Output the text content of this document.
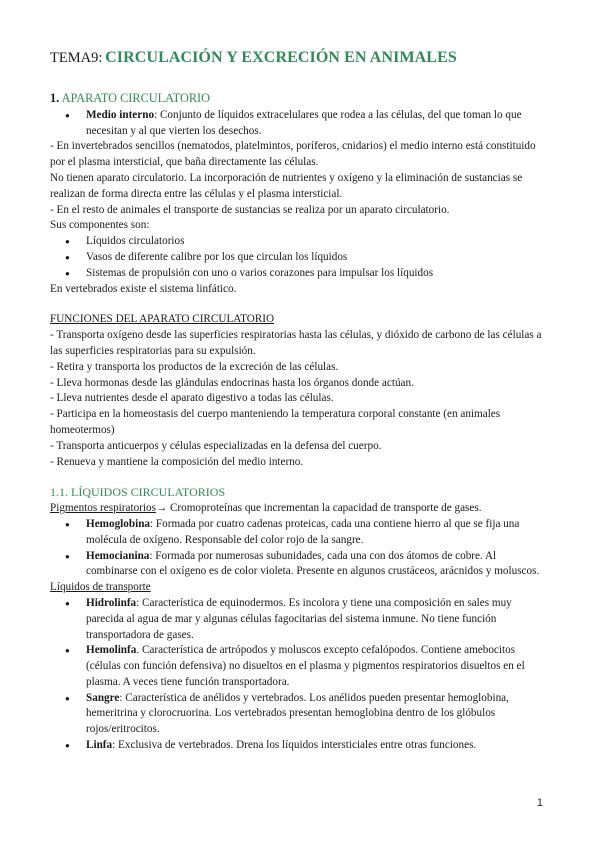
TEMA9: CIRCULACIÓN Y EXCRECIÓN EN ANIMALES
1. APARATO CIRCULATORIO
● Medio interno: Conjunto de líquidos extracelulares que rodea a las células, del que toman lo que necesitan y al que vierten los desechos.

- En invertebrados sencillos (nematodos, platelmintos, poríferos, cnidarios) el medio interno está constituido por el plasma intersticial, que baña directamente las células.

No tienen aparato circulatorio. La incorporación de nutrientes y oxígeno y la eliminación de sustancias se realizan de forma directa entre las células y el plasma intersticial.

- En el resto de animales el transporte de sustancias se realiza por un aparato circulatorio.

Sus componentes son:

● Líquidos circulatorios
● Vasos de diferente calibre por los que circulan los líquidos
● Sistemas de propulsión con uno o varios corazones para impulsar los líquidos

En vertebrados existe el sistema linfático.

FUNCIONES DEL APARATO CIRCULATORIO

- Transporta oxígeno desde las superficies respiratorias hasta las células, y dióxido de carbono de las células a las superficies respiratorias para su expulsión.

- Retira y transporta los productos de la excreción de las células.

- Lleva hormonas desde las glándulas endocrinas hasta los órganos donde actúan.

- Lleva nutrientes desde el aparato digestivo a todas las células.

- Participa en la homeostasis del cuerpo manteniendo la temperatura corporal constante (en animales homeotermos)

- Transporta anticuerpos y células especializadas en la defensa del cuerpo.

- Renueva y mantiene la composición del medio interno.

1.1. LÍQUIDOS CIRCULATORIOS

Pigmentos respiratorios→ Cromoproteínas que incrementan la capacidad de transporte de gases.

● Hemoglobina: Formada por cuatro cadenas proteicas, cada una contiene hierro al que se fija una molécula de oxígeno. Responsable del color rojo de la sangre.
● Hemocianina: Formada por numerosas subunidades, cada una con dos átomos de cobre. Al combinarse con el oxígeno es de color violeta. Presente en algunos crustáceos, arácnidos y moluscos.

Líquidos de transporte

● Hidrolinfa: Característica de equinodermos. Es incolora y tiene una composición en sales muy parecida al agua de mar y algunas células fagocitarias del sistema inmune. No tiene función transportadora de gases.
● Hemolinfa. Característica de artrópodos y moluscos excepto cefalópodos. Contiene amebocitos (células con función defensiva) no disueltos en el plasma y pigmentos respiratorios disueltos en el plasma. A veces tiene función transportadora.
● Sangre: Característica de anélidos y vertebrados. Los anélidos pueden presentar hemoglobina, hemeritrina y clorocruorina. Los vertebrados presentan hemoglobina dentro de los glóbulos rojos/eritrocitos.
● Linfa: Exclusiva de vertebrados. Drena los líquidos intersticiales entre otras funciones.
1
